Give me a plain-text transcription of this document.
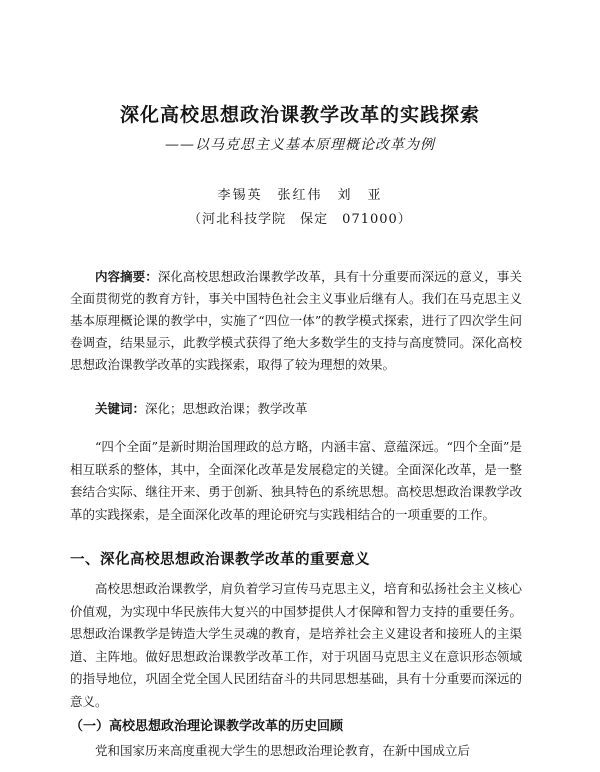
深化高校思想政治课教学改革的实践探索
——以马克思主义基本原理概论改革为例
李锡英　张红伟　刘　亚
（河北科技学院　保定　071000）
内容摘要：深化高校思想政治课教学改革，具有十分重要而深远的意义，事关全面贯彻党的教育方针，事关中国特色社会主义事业后继有人。我们在马克思主义基本原理概论课的教学中，实施了“四位一体”的教学模式探索，进行了四次学生问卷调查，结果显示，此教学模式获得了绝大多数学生的支持与高度赞同。深化高校思想政治课教学改革的实践探索，取得了较为理想的效果。
关键词：深化；思想政治课；教学改革
“四个全面”是新时期治国理政的总方略，内涵丰富、意蕴深远。“四个全面”是相互联系的整体，其中，全面深化改革是发展稳定的关键。全面深化改革，是一整套结合实际、继往开来、勇于创新、独具特色的系统思想。高校思想政治课教学改革的实践探索，是全面深化改革的理论研究与实践相结合的一项重要的工作。
一、深化高校思想政治课教学改革的重要意义
高校思想政治课教学，肩负着学习宣传马克思主义，培育和弘扬社会主义核心价值观，为实现中华民族伟大复兴的中国梦提供人才保障和智力支持的重要任务。思想政治课教学是铸造大学生灵魂的教育，是培养社会主义建设者和接班人的主渠道、主阵地。做好思想政治课教学改革工作，对于巩固马克思主义在意识形态领域的指导地位，巩固全党全国人民团结奋斗的共同思想基础，具有十分重要而深远的意义。
（一）高校思想政治理论课教学改革的历史回顾
党和国家历来高度重视大学生的思想政治理论教育，在新中国成立后
